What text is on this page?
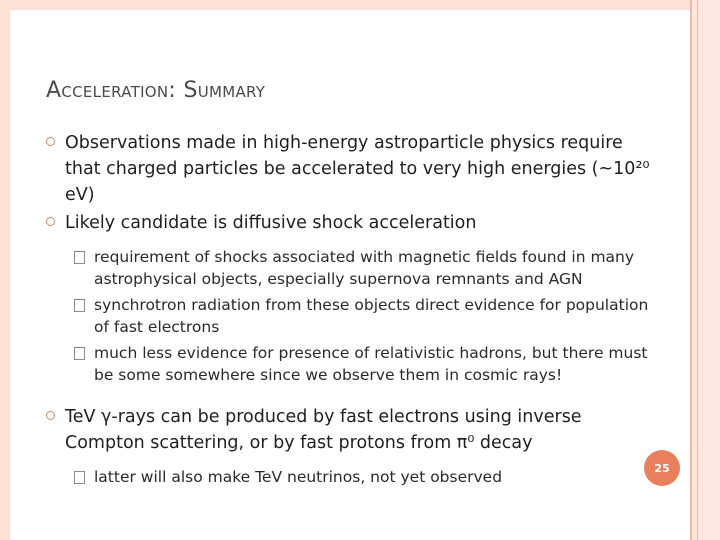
Acceleration: Summary
Observations made in high-energy astroparticle physics require that charged particles be accelerated to very high energies (~10²⁰ eV)
Likely candidate is diffusive shock acceleration
requirement of shocks associated with magnetic fields found in many astrophysical objects, especially supernova remnants and AGN
synchrotron radiation from these objects direct evidence for population of fast electrons
much less evidence for presence of relativistic hadrons, but there must be some somewhere since we observe them in cosmic rays!
TeV γ-rays can be produced by fast electrons using inverse Compton scattering, or by fast protons from π⁰ decay
latter will also make TeV neutrinos, not yet observed	25
